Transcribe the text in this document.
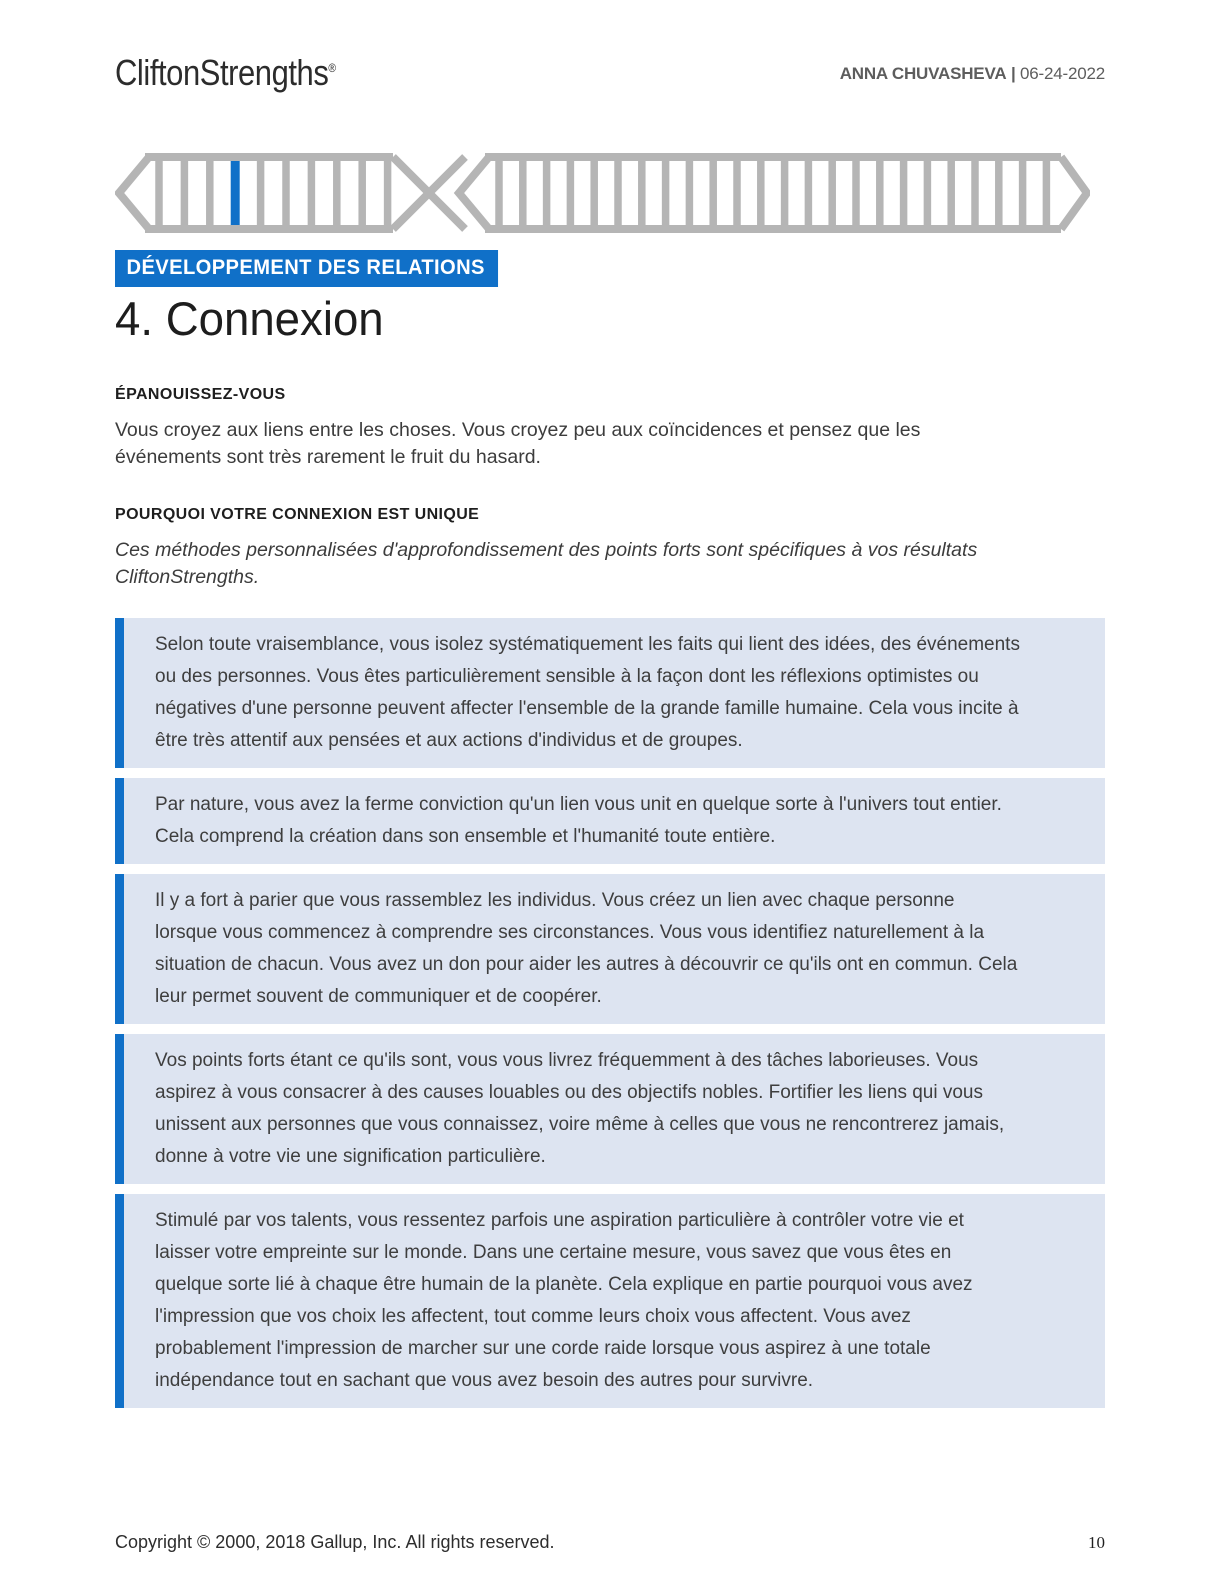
CliftonStrengths®	ANNA CHUVASHEVA | 06-24-2022
DÉVELOPPEMENT DES RELATIONS
4. Connexion
ÉPANOUISSEZ-VOUS
Vous croyez aux liens entre les choses. Vous croyez peu aux coïncidences et pensez que les événements sont très rarement le fruit du hasard.
POURQUOI VOTRE CONNEXION EST UNIQUE
Ces méthodes personnalisées d'approfondissement des points forts sont spécifiques à vos résultats CliftonStrengths.
Selon toute vraisemblance, vous isolez systématiquement les faits qui lient des idées, des événements ou des personnes. Vous êtes particulièrement sensible à la façon dont les réflexions optimistes ou négatives d'une personne peuvent affecter l'ensemble de la grande famille humaine. Cela vous incite à être très attentif aux pensées et aux actions d'individus et de groupes.
Par nature, vous avez la ferme conviction qu'un lien vous unit en quelque sorte à l'univers tout entier. Cela comprend la création dans son ensemble et l'humanité toute entière.
Il y a fort à parier que vous rassemblez les individus. Vous créez un lien avec chaque personne lorsque vous commencez à comprendre ses circonstances. Vous vous identifiez naturellement à la situation de chacun. Vous avez un don pour aider les autres à découvrir ce qu'ils ont en commun. Cela leur permet souvent de communiquer et de coopérer.
Vos points forts étant ce qu'ils sont, vous vous livrez fréquemment à des tâches laborieuses. Vous aspirez à vous consacrer à des causes louables ou des objectifs nobles. Fortifier les liens qui vous unissent aux personnes que vous connaissez, voire même à celles que vous ne rencontrerez jamais, donne à votre vie une signification particulière.
Stimulé par vos talents, vous ressentez parfois une aspiration particulière à contrôler votre vie et laisser votre empreinte sur le monde. Dans une certaine mesure, vous savez que vous êtes en quelque sorte lié à chaque être humain de la planète. Cela explique en partie pourquoi vous avez l'impression que vos choix les affectent, tout comme leurs choix vous affectent. Vous avez probablement l'impression de marcher sur une corde raide lorsque vous aspirez à une totale indépendance tout en sachant que vous avez besoin des autres pour survivre.
Copyright © 2000, 2018 Gallup, Inc. All rights reserved.	10
